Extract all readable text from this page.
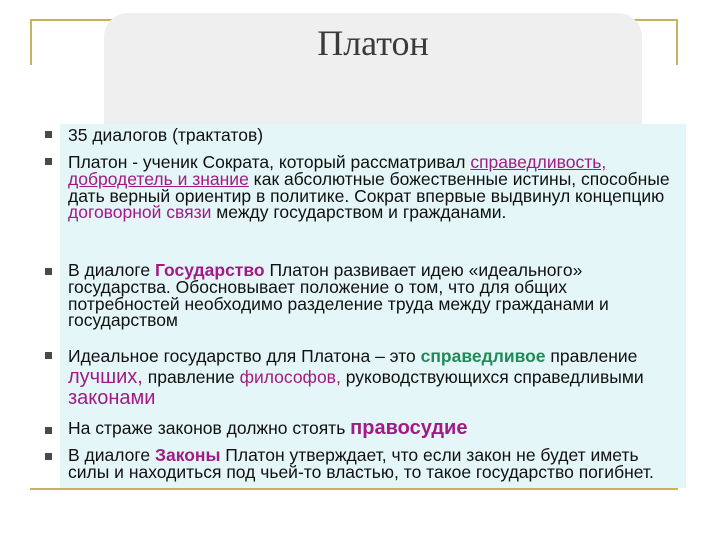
Платон
35 диалогов (трактатов)
Платон - ученик Сократа, который рассматривал справедливость, добродетель и знание как абсолютные божественные истины, способные дать верный ориентир в политике. Сократ впервые выдвинул концепцию договорной связи между государством и гражданами.
В диалоге Государство Платон развивает идею «идеальногo» государства. Обосновывает положение о том, что для общих потребностей необходимо разделение труда между гражданами и государством
Идеальное государство для Платона – это справедливое правление лучших, правление философов, руководствующихся справедливыми законами
На страже законов должно стоять правосудие
В диалоге Законы Платон утверждает, что если закон не будет иметь силы и находиться под чьей-то властью, то такое государство погибнет.
